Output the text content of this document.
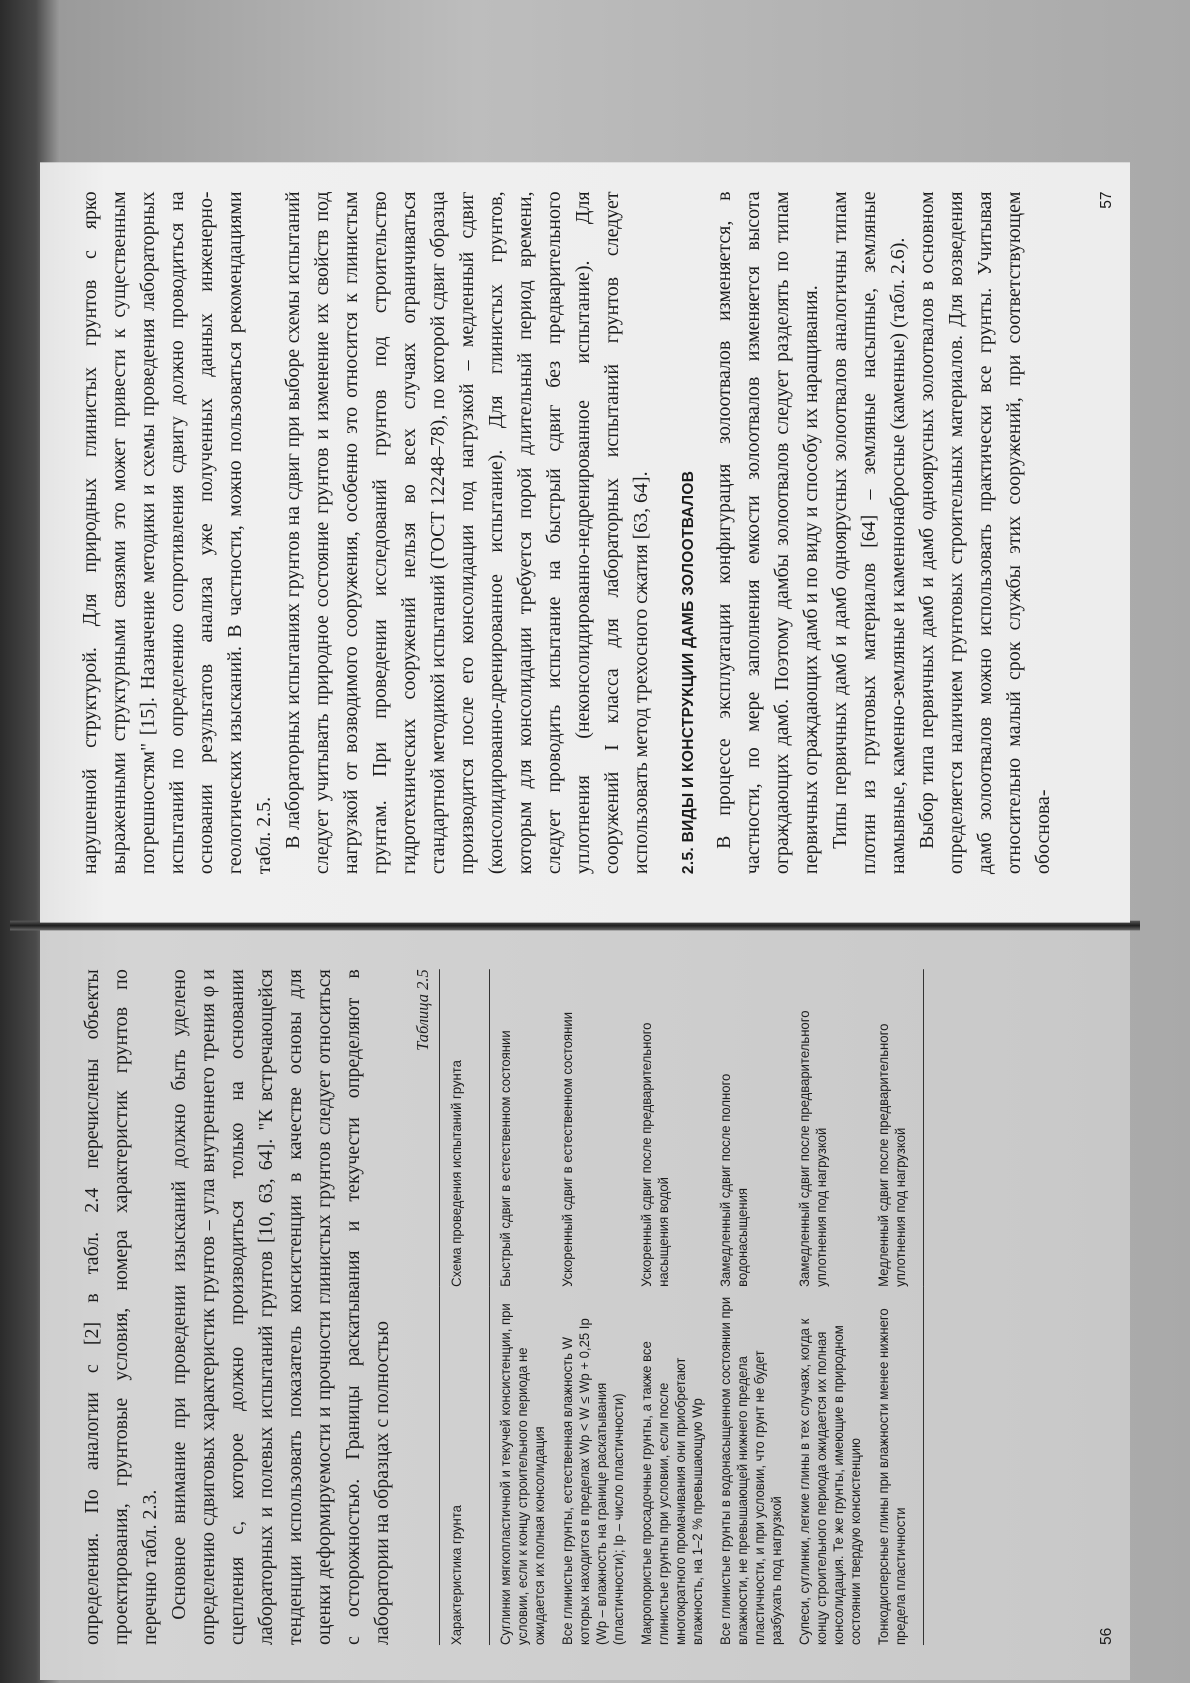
определения. По аналогии с [2] в табл. 2.4 перечислены объекты проектирования, грунтовые условия, номера характеристик грунтов по перечню табл. 2.3. Основное внимание при проведении изысканий должно быть уделено определению сдвиговых характеристик грунтов – угла внутреннего трения φ и сцепления с, которое должно производиться только на основании лабораторных и полевых испытаний грунтов [10, 63, 64]. "К встречающейся тенденции использовать показатель консистенции в качестве основы для оценки деформируемости и прочности глинистых грунтов следует относиться с осторожностью. Границы раскатывания и текучести определяют в лаборатории на образцах с полностью

Таблица 2.5
Характеристика грунта	Схема проведения испытаний грунта
Суглинки мягкопластичной и текучей консистенции, при условии, если к концу строительного периода не ожидается их полная консолидация	Быстрый сдвиг в естественном состоянии
Все глинистые грунты, естественная влажность W которых находится в пределах Wp < W ≤ Wp + 0,25 Ip (Wp – влажность на границе раскатывания (пластичности); Ip – число пластичности)	Ускоренный сдвиг в естественном состоянии
Макропористые просадочные грунты, а также все глинистые грунты при условии, если после многократного промачивания они приобретают влажность, на 1–2 % превышающую Wp	Ускоренный сдвиг после предварительного насыщения водой
Все глинистые грунты в водонасыщенном состоянии при влажности, не превышающей нижнего предела пластичности, и при условии, что грунт не будет разбухать под нагрузкой	Замедленный сдвиг после полного водонасыщения
Супеси, суглинки, легкие глины в тех случаях, когда к концу строительного периода ожидается их полная консолидация. Те же грунты, имеющие в природном состоянии твердую консистенцию	Замедленный сдвиг после предварительного уплотнения под нагрузкой
Тонкодисперсные глины при влажности менее нижнего предела пластичности	Медленный сдвиг после предварительного уплотнения под нагрузкой
56

нарушенной структурой. Для природных глинистых грунтов с ярко выраженными структурными связями это может привести к существенным погрешностям" [15]. Назначение методики и схемы проведения лабораторных испытаний по определению сопротивления сдвигу должно проводиться на основании результатов анализа уже полученных данных инженерно-геологических изысканий. В частности, можно пользоваться рекомендациями табл. 2.5. В лабораторных испытаниях грунтов на сдвиг при выборе схемы испытаний следует учитывать природное состояние грунтов и изменение их свойств под нагрузкой от возводимого сооружения, особенно это относится к глинистым грунтам. При проведении исследований грунтов под строительство гидротехнических сооружений нельзя во всех случаях ограничиваться стандартной методикой испытаний (ГОСТ 12248–78), по которой сдвиг образца производится после его консолидации под нагрузкой – медленный сдвиг (консолидированно-дренированное испытание). Для глинистых грунтов, которым для консолидации требуется порой длительный период времени, следует проводить испытание на быстрый сдвиг без предварительного уплотнения (неконсолидированно-недренированное испытание). Для сооружений I класса для лабораторных испытаний грунтов следует использовать метод трехосного сжатия [63, 64]. 2.5. ВИДЫ И КОНСТРУКЦИИ ДАМБ ЗОЛООТВАЛОВ В процессе эксплуатации конфигурация золоотвалов изменяется, в частности, по мере заполнения емкости золоотвалов изменяется высота ограждающих дамб. Поэтому дамбы золоотвалов следует разделять по типам первичных ограждающих дамб и по виду и способу их наращивания. Типы первичных дамб и дамб одноярусных золоотвалов аналогичны типам плотин из грунтовых материалов [64] – земляные насыпные, земляные намывные, каменно-земляные и каменнонабросные (каменные) (табл. 2.6). Выбор типа первичных дамб и дамб одноярусных золоотвалов в основном определяется наличием грунтовых строительных материалов. Для возведения дамб золоотвалов можно использовать практически все грунты. Учитывая относительно малый срок службы этих сооружений, при соответствующем обоснова-

57
